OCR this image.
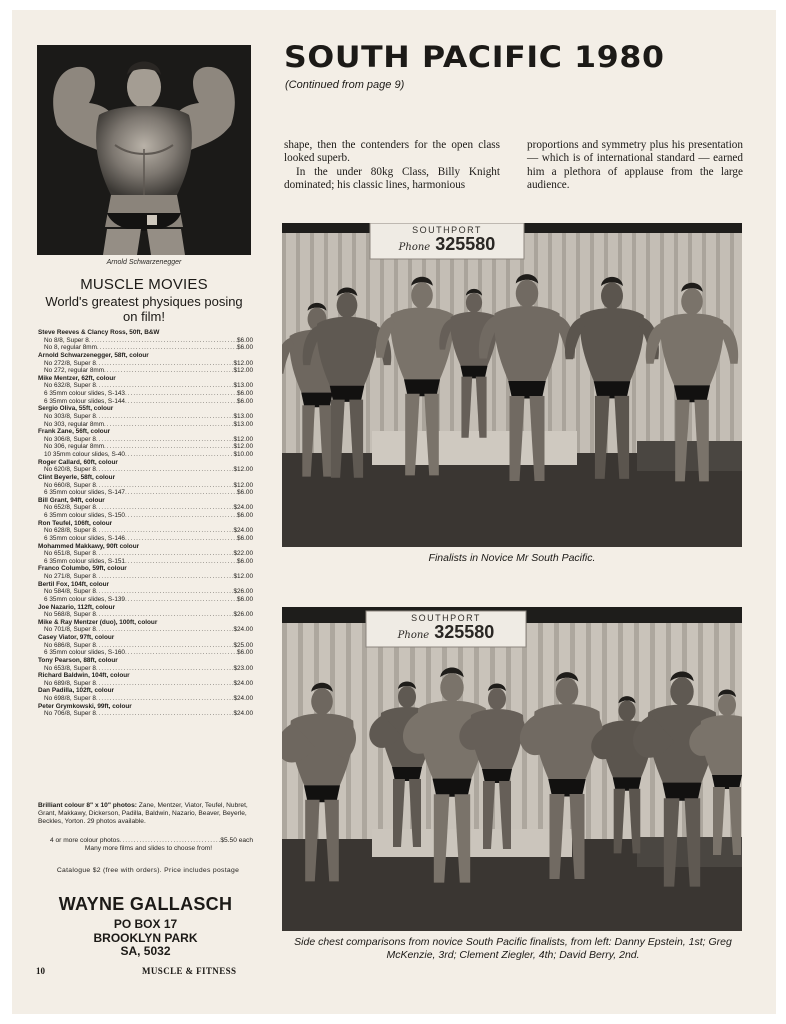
Arnold Schwarzenegger
MUSCLE MOVIES
World's greatest physiques posing on film!
Steve Reeves & Clancy Ross, 50ft, B&W
No 8/8, Super 8 .....	$6.00
No 8, regular 8mm .....	$6.00
Arnold Schwarzenegger, 58ft, colour
No 272/8, Super 8 .....	$12.00
No 272, regular 8mm .....	$12.00
Mike Mentzer, 62ft, colour
No 632/8, Super 8 .....	$13.00
6 35mm colour slides, S-143 .....	$6.00
6 35mm colour slides, S-144 .....	$6.00
Sergio Oliva, 55ft, colour
No 303/8, Super 8 .....	$13.00
No 303, regular 8mm .....	$13.00
Frank Zane, 56ft, colour
No 306/8, Super 8 .....	$12.00
No 306, regular 8mm .....	$12.00
10 35mm colour slides, S-40 .....	$10.00
Roger Callard, 60ft, colour
No 620/8, Super 8 .....	$12.00
Clint Beyerle, 58ft, colour
No 660/8, Super 8 .....	$12.00
6 35mm colour slides, S-147 .....	$6.00
Bill Grant, 94ft, colour
No 652/8, Super 8 .....	$24.00
6 35mm colour slides, S-150 .....	$6.00
Ron Teufel, 106ft, colour
No 628/8, Super 8 .....	$24.00
6 35mm colour slides, S-146 .....	$6.00
Mohammed Makkawy, 90ft colour
No 651/8, Super 8 .....	$22.00
6 35mm colour slides, S-151 .....	$6.00
Franco Columbo, 59ft, colour
No 271/8, Super 8 .....	$12.00
Bertil Fox, 104ft, colour
No 584/8, Super 8 .....	$26.00
6 35mm colour slides, S-139 .....	$6.00
Joe Nazario, 112ft, colour
No 568/8, Super 8 .....	$26.00
Mike & Ray Mentzer (duo), 100ft, colour
No 701/8, Super 8 .....	$24.00
Casey Viator, 97ft, colour
No 686/8, Super 8 .....	$25.00
6 35mm colour slides, S-160 .....	$6.00
Tony Pearson, 88ft, colour
No 653/8, Super 8 .....	$23.00
Richard Baldwin, 104ft, colour
No 689/8, Super 8 .....	$24.00
Dan Padilla, 102ft, colour
No 698/8, Super 8 .....	$24.00
Peter Grymkowski, 99ft, colour
No 706/8, Super 8 .....	$24.00
Brilliant colour 8" x 10" photos: Zane, Mentzer, Viator, Teufel, Nubret, Grant, Makkawy, Dickerson, Padilla, Baldwin, Nazario, Beaver, Beyerle, Beckles, Yorton. 29 photos available.
4 or more colour photos .....	$5.50 each
Many more films and slides to choose from!
Catalogue $2 (free with orders). Price includes postage
WAYNE GALLASCH
PO BOX 17
BROOKLYN PARK
SA, 5032
10	MUSCLE & FITNESS
SOUTH PACIFIC 1980
(Continued from page 9)

shape, then the contenders for the open class looked superb.

In the under 80kg Class, Billy Knight dominated; his classic lines, harmonious

proportions and symmetry plus his presentation — which is of international standard — earned him a plethora of applause from the large audience.

SOUTHPORT
Phone 325580
Finalists in Novice Mr South Pacific.
SOUTHPORT
Phone 325580
Side chest comparisons from novice South Pacific finalists, from left: Danny Epstein, 1st; Greg McKenzie, 3rd; Clement Ziegler, 4th; David Berry, 2nd.
